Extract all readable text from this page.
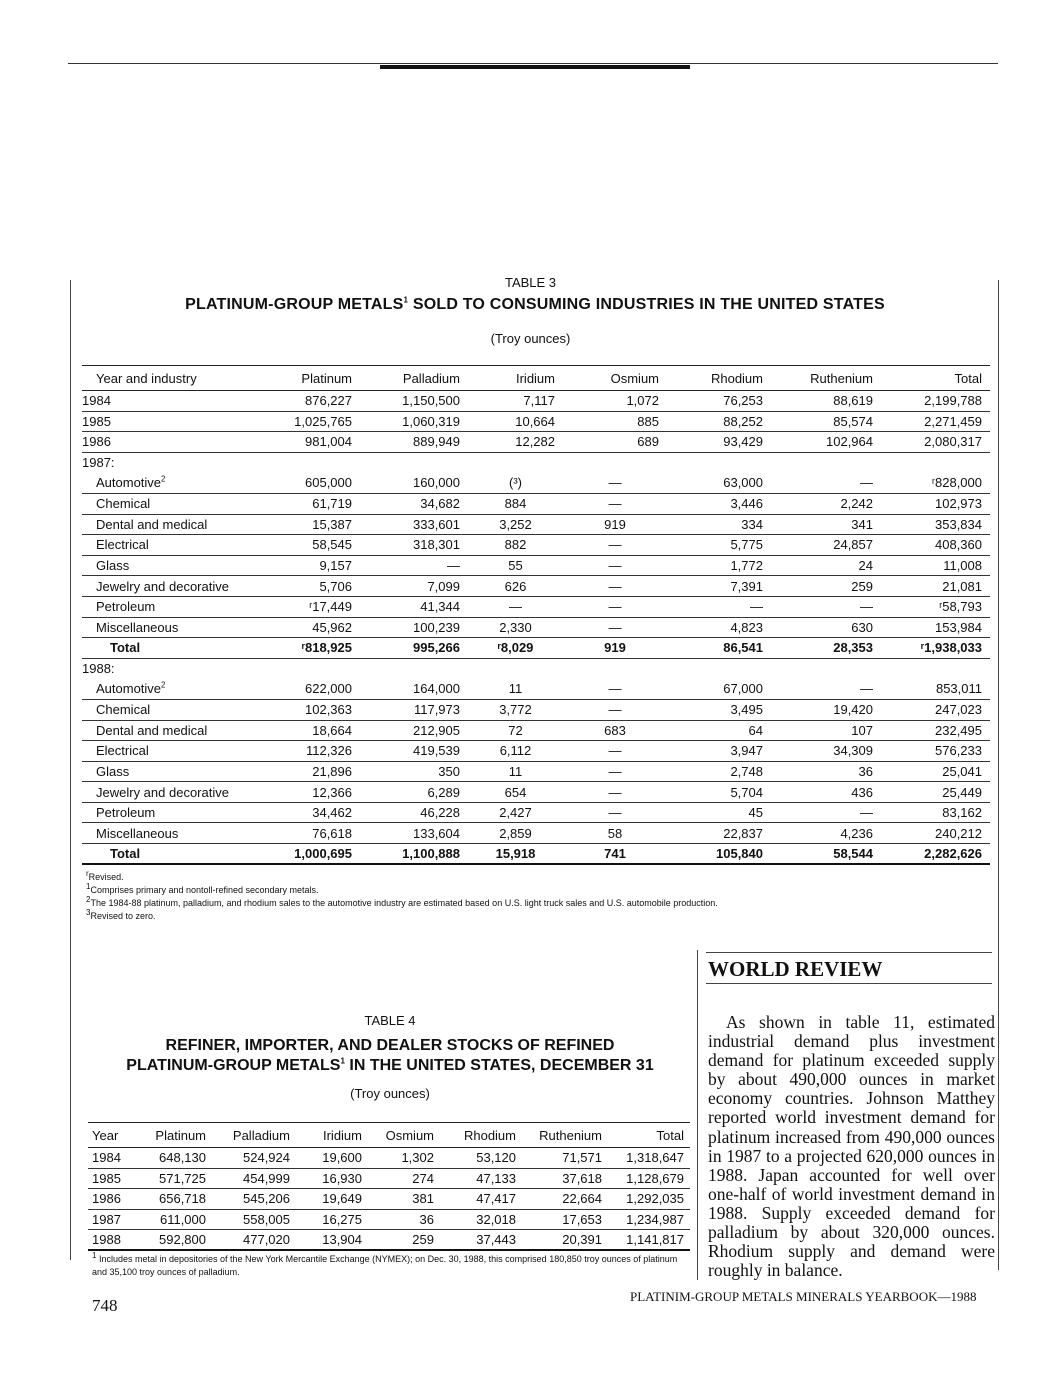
TABLE 3
PLATINUM-GROUP METALS$^1$ SOLD TO CONSUMING INDUSTRIES IN THE UNITED STATES
(Troy ounces)
Year and industry	Platinum	Palladium	Iridium	Osmium	Rhodium	Ruthenium	Total
1984	876,227	1,150,500	7,117	1,072	76,253	88,619	2,199,788
1985	1,025,765	1,060,319	10,664	885	88,252	85,574	2,271,459
1986	981,004	889,949	12,282	689	93,429	102,964	2,080,317
1987:							
Automotive$^2$	605,000	160,000	(³)	—	63,000	—	ʳ828,000
Chemical	61,719	34,682	884	—	3,446	2,242	102,973
Dental and medical	15,387	333,601	3,252	919	334	341	353,834
Electrical	58,545	318,301	882	—	5,775	24,857	408,360
Glass	9,157	—	55	—	1,772	24	11,008
Jewelry and decorative	5,706	7,099	626	—	7,391	259	21,081
Petroleum	ʳ17,449	41,344	—	—	—	—	ʳ58,793
Miscellaneous	45,962	100,239	2,330	—	4,823	630	153,984
Total	ʳ818,925	995,266	ʳ8,029	919	86,541	28,353	ʳ1,938,033
1988:							
Automotive$^2$	622,000	164,000	11	—	67,000	—	853,011
Chemical	102,363	117,973	3,772	—	3,495	19,420	247,023
Dental and medical	18,664	212,905	72	683	64	107	232,495
Electrical	112,326	419,539	6,112	—	3,947	34,309	576,233
Glass	21,896	350	11	—	2,748	36	25,041
Jewelry and decorative	12,366	6,289	654	—	5,704	436	25,449
Petroleum	34,462	46,228	2,427	—	45	—	83,162
Miscellaneous	76,618	133,604	2,859	58	22,837	4,236	240,212
Total	1,000,695	1,100,888	15,918	741	105,840	58,544	2,282,626
rRevised.
1Comprises primary and nontoll-refined secondary metals.
2The 1984-88 platinum, palladium, and rhodium sales to the automotive industry are estimated based on U.S. light truck sales and U.S. automobile production.
3Revised to zero.
TABLE 4
REFINER, IMPORTER, AND DEALER STOCKS OF REFINED
PLATINUM-GROUP METALS$^1$ IN THE UNITED STATES, DECEMBER 31
(Troy ounces)
Year	Platinum	Palladium	Iridium	Osmium	Rhodium	Ruthenium	Total
1984	648,130	524,924	19,600	1,302	53,120	71,571	1,318,647
1985	571,725	454,999	16,930	274	47,133	37,618	1,128,679
1986	656,718	545,206	19,649	381	47,417	22,664	1,292,035
1987	611,000	558,005	16,275	36	32,018	17,653	1,234,987
1988	592,800	477,020	13,904	259	37,443	20,391	1,141,817
1 Includes metal in depositories of the New York Mercantile Exchange (NYMEX); on Dec. 30, 1988, this comprised 180,850 troy ounces of platinum and 35,100 troy ounces of palladium.
WORLD REVIEW
As shown in table 11, estimated industrial demand plus investment demand for platinum exceeded supply by about 490,000 ounces in market economy countries. Johnson Matthey reported world investment demand for platinum increased from 490,000 ounces in 1987 to a projected 620,000 ounces in 1988. Japan accounted for well over one-half of world investment demand in 1988. Supply exceeded demand for palladium by about 320,000 ounces. Rhodium supply and demand were roughly in balance.
748	PLATINIM-GROUP METALS MINERALS YEARBOOK—1988
